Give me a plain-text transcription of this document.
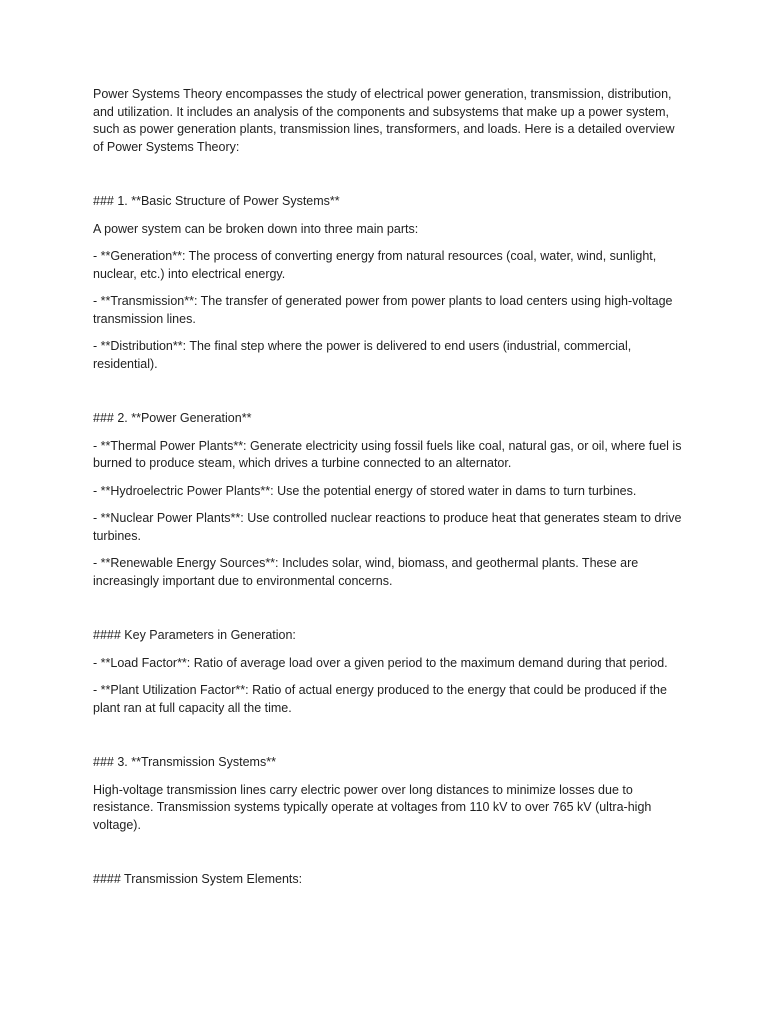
Power Systems Theory encompasses the study of electrical power generation, transmission, distribution, and utilization. It includes an analysis of the components and subsystems that make up a power system, such as power generation plants, transmission lines, transformers, and loads. Here is a detailed overview of Power Systems Theory:

### 1. **Basic Structure of Power Systems**

A power system can be broken down into three main parts:

- **Generation**: The process of converting energy from natural resources (coal, water, wind, sunlight, nuclear, etc.) into electrical energy.

- **Transmission**: The transfer of generated power from power plants to load centers using high-voltage transmission lines.

- **Distribution**: The final step where the power is delivered to end users (industrial, commercial, residential).

### 2. **Power Generation**

- **Thermal Power Plants**: Generate electricity using fossil fuels like coal, natural gas, or oil, where fuel is burned to produce steam, which drives a turbine connected to an alternator.

- **Hydroelectric Power Plants**: Use the potential energy of stored water in dams to turn turbines.

- **Nuclear Power Plants**: Use controlled nuclear reactions to produce heat that generates steam to drive turbines.

- **Renewable Energy Sources**: Includes solar, wind, biomass, and geothermal plants. These are increasingly important due to environmental concerns.

#### Key Parameters in Generation:

- **Load Factor**: Ratio of average load over a given period to the maximum demand during that period.

- **Plant Utilization Factor**: Ratio of actual energy produced to the energy that could be produced if the plant ran at full capacity all the time.

### 3. **Transmission Systems**

High-voltage transmission lines carry electric power over long distances to minimize losses due to resistance. Transmission systems typically operate at voltages from 110 kV to over 765 kV (ultra-high voltage).

#### Transmission System Elements:
